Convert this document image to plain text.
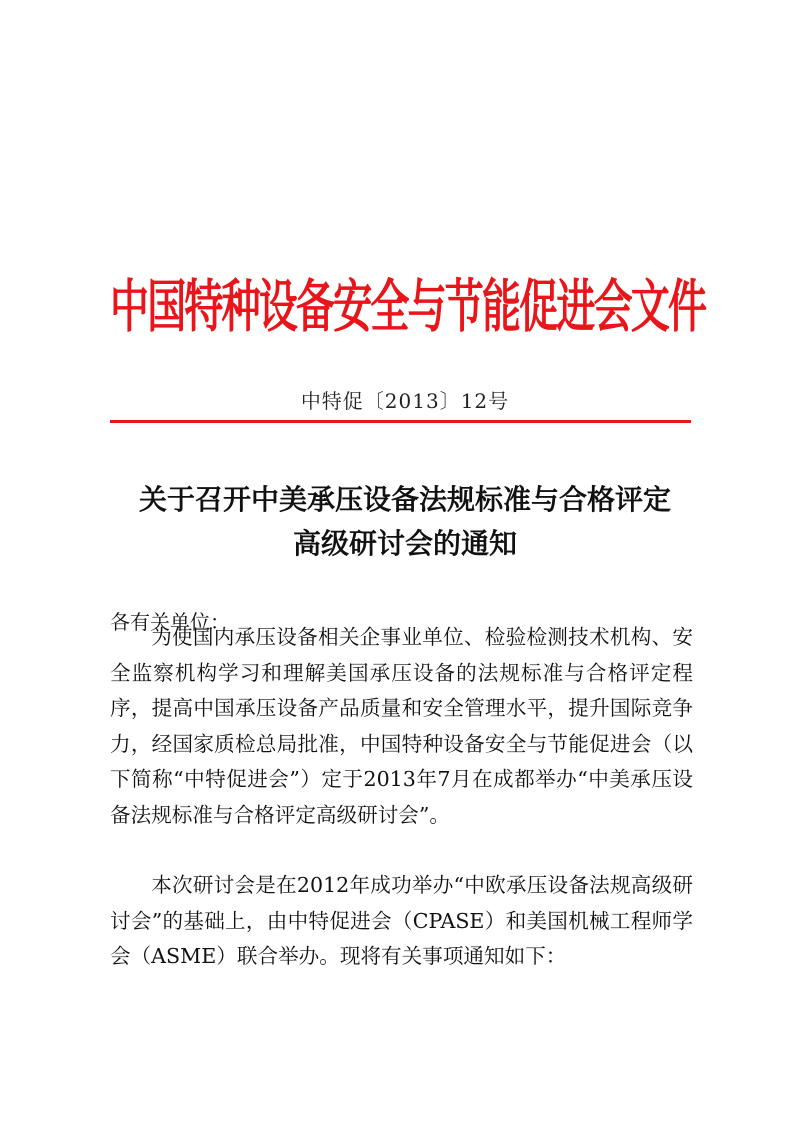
中国特种设备安全与节能促进会文件
中特促〔2013〕12号
关于召开中美承压设备法规标准与合格评定
高级研讨会的通知
各有关单位：

为使国内承压设备相关企事业单位、检验检测技术机构、安全监察机构学习和理解美国承压设备的法规标准与合格评定程序，提高中国承压设备产品质量和安全管理水平，提升国际竞争力，经国家质检总局批准，中国特种设备安全与节能促进会（以下简称“中特促进会”）定于2013年7月在成都举办“中美承压设备法规标准与合格评定高级研讨会”。

本次研讨会是在2012年成功举办“中欧承压设备法规高级研讨会”的基础上，由中特促进会（CPASE）和美国机械工程师学会（ASME）联合举办。现将有关事项通知如下：
